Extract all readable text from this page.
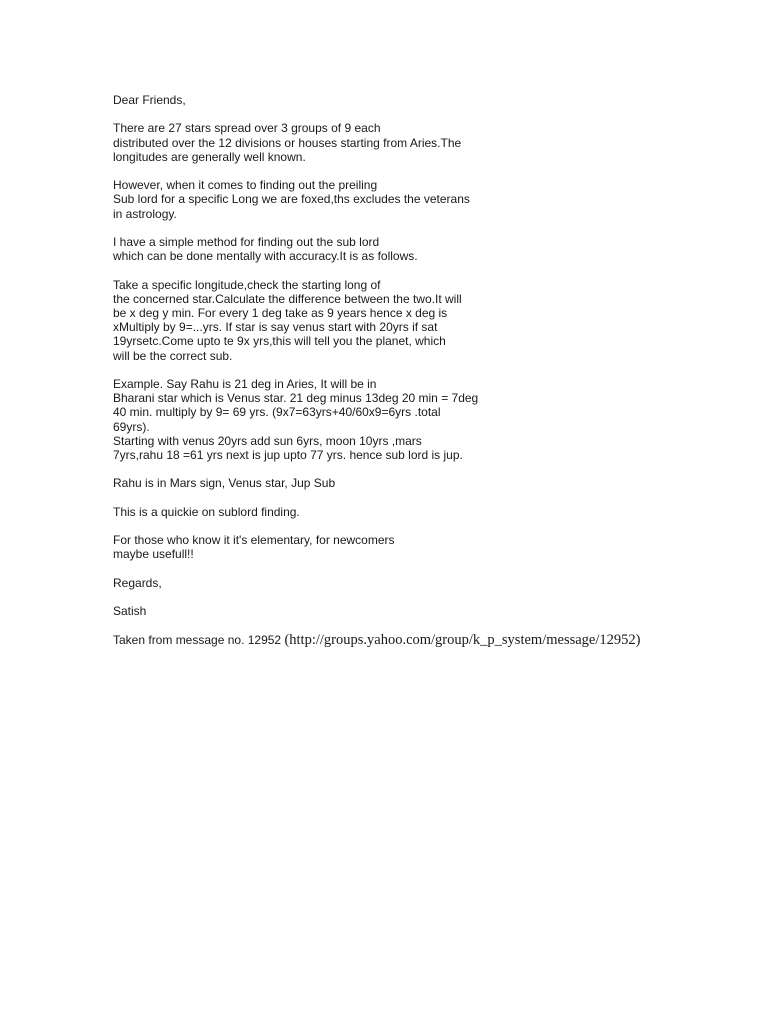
Dear Friends,

There are 27 stars spread over 3 groups of 9 each
distributed over the 12 divisions or houses starting from Aries.The
longitudes are generally well known.

However, when it comes to finding out the preiling
Sub lord for a specific Long we are foxed,ths excludes the veterans
in astrology.

I have a simple method for finding out the sub lord
which can be done mentally with accuracy.It is as follows.

Take a specific longitude,check the starting long of
the concerned star.Calculate the difference between the two.It will
be x deg y min. For every 1 deg take as 9 years hence x deg is
xMultiply by 9=...yrs. If star is say venus start with 20yrs if sat
19yrsetc.Come upto te 9x yrs,this will tell you the planet, which
will be the correct sub.

Example. Say Rahu is 21 deg in Aries, It will be in
Bharani star which is Venus star. 21 deg minus 13deg 20 min = 7deg
40 min. multiply by 9= 69 yrs. (9x7=63yrs+40/60x9=6yrs .total
69yrs).
Starting with venus 20yrs add sun 6yrs, moon 10yrs ,mars
7yrs,rahu 18 =61 yrs next is jup upto 77 yrs. hence sub lord is jup.

Rahu is in Mars sign, Venus star, Jup Sub

This is a quickie on sublord finding.

For those who know it it's elementary, for newcomers
maybe usefull!!

Regards,

Satish

Taken from message no. 12952 (http://groups.yahoo.com/group/k_p_system/message/12952)
